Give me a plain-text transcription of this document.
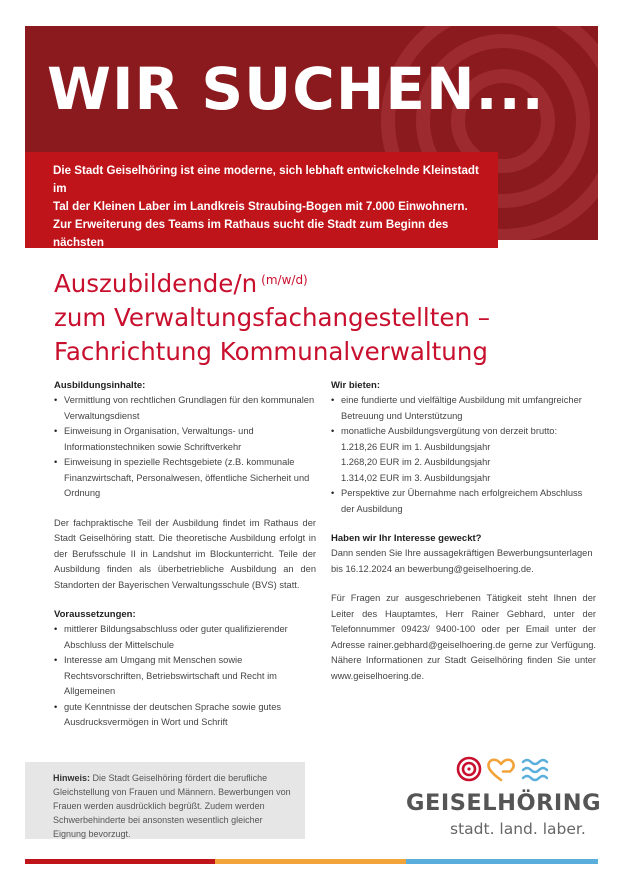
WIR SUCHEN...

Die Stadt Geiselhöring ist eine moderne, sich lebhaft entwickelnde Kleinstadt im

Tal der Kleinen Laber im Landkreis Straubing-Bogen mit 7.000 Einwohnern.

Zur Erweiterung des Teams im Rathaus sucht die Stadt zum Beginn des nächsten

Ausbildungsjahres am 01.09.2025 eine/n

Auszubildende/n $^{(m/w/d)}$
zum Verwaltungsfachangestellten –
Fachrichtung Kommunalverwaltung
Ausbildungsinhalte:
• Vermittlung von rechtlichen Grundlagen für den kommunalen Verwaltungsdienst
• Einweisung in Organisation, Verwaltungs- und Informationstechniken sowie Schriftverkehr
• Einweisung in spezielle Rechtsgebiete (z.B. kommunale Finanzwirtschaft, Personalwesen, öffentliche Sicherheit und Ordnung

Der fachpraktische Teil der Ausbildung findet im Rathaus der Stadt Geiselhöring statt. Die theoretische Ausbildung erfolgt in der Berufsschule II in Landshut im Blockunterricht. Teile der Ausbildung finden als überbetriebliche Ausbildung an den Standorten der Bayerischen Verwaltungsschule (BVS) statt.

Voraussetzungen:
• mittlerer Bildungsabschluss oder guter qualifizierender Abschluss der Mittelschule
• Interesse am Umgang mit Menschen sowie Rechtsvorschriften, Betriebswirtschaft und Recht im Allgemeinen
• gute Kenntnisse der deutschen Sprache sowie gutes Ausdrucksvermögen in Wort und Schrift
Wir bieten:
• eine fundierte und vielfältige Ausbildung mit umfangreicher Betreuung und Unterstützung
• monatliche Ausbildungsvergütung von derzeit brutto:
1.218,26 EUR im 1. Ausbildungsjahr
1.268,20 EUR im 2. Ausbildungsjahr
1.314,02 EUR im 3. Ausbildungsjahr
• Perspektive zur Übernahme nach erfolgreichem Abschluss der Ausbildung
Haben wir Ihr Interesse geweckt?

Dann senden Sie Ihre aussagekräftigen Bewerbungsunterlagen bis 16.12.2024 an bewerbung@geiselhoering.de.

Für Fragen zur ausgeschriebenen Tätigkeit steht Ihnen der Leiter des Hauptamtes, Herr Rainer Gebhard, unter der Telefonnummer 09423/ 9400-100 oder per Email unter der Adresse rainer.gebhard@geiselhoering.de gerne zur Verfügung. Nähere Informationen zur Stadt Geiselhöring finden Sie unter www.geiselhoering.de.

Hinweis: Die Stadt Geiselhöring fördert die berufliche Gleichstellung von Frauen und Männern. Bewerbungen von Frauen werden ausdrücklich begrüßt. Zudem werden Schwerbehinderte bei ansonsten wesentlich gleicher Eignung bevorzugt.
GEISELHÖRING
stadt. land. laber.
